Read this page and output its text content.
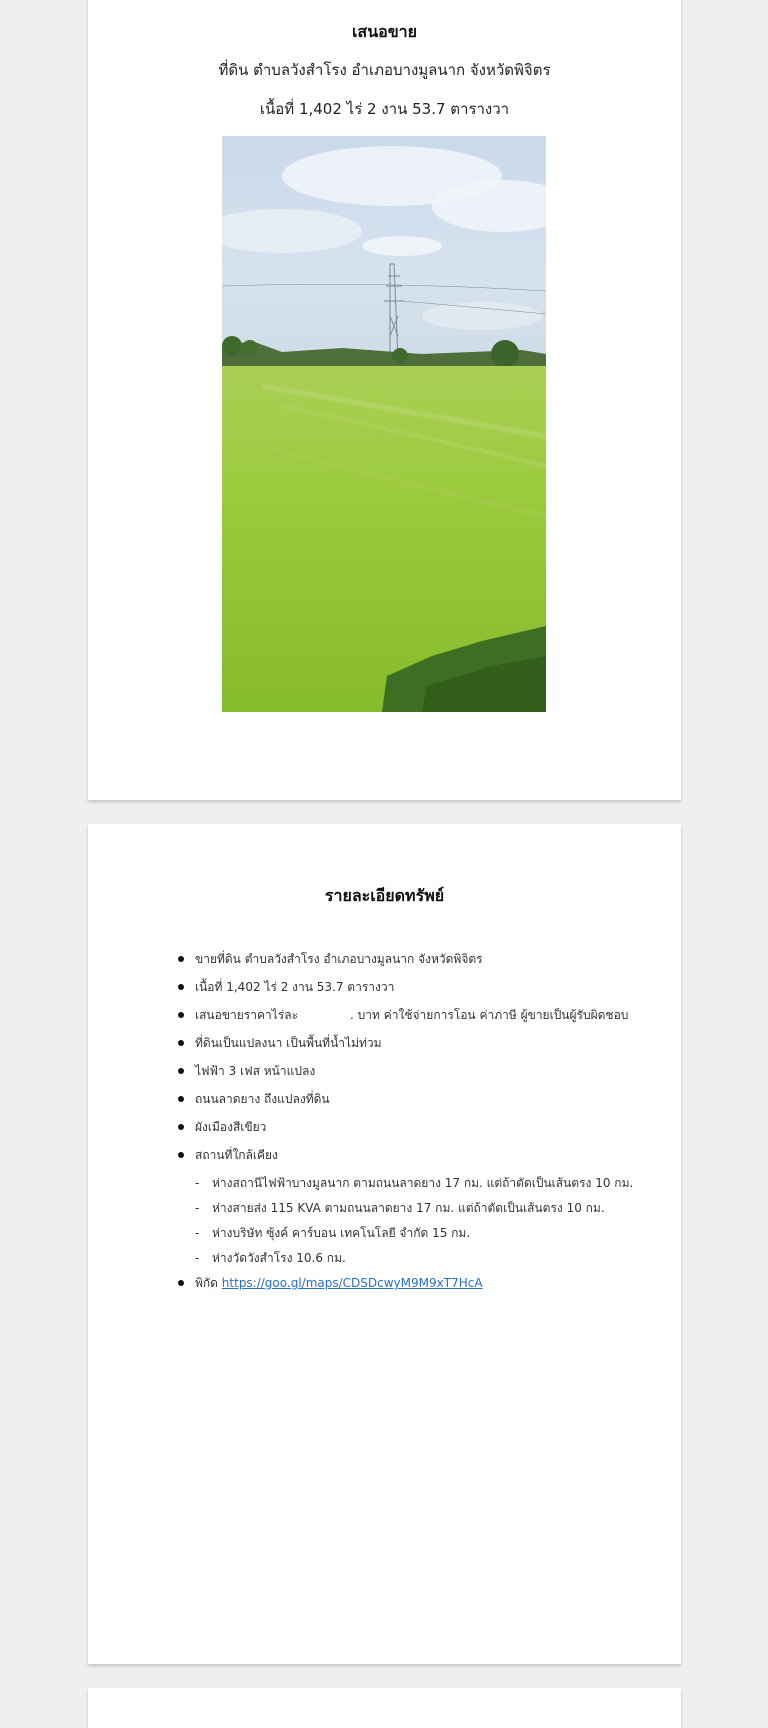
เสนอขาย
ที่ดิน ตำบลวังสำโรง อำเภอบางมูลนาก จังหวัดพิจิตร
เนื้อที่ 1,402 ไร่ 2 งาน 53.7 ตารางวา
รายละเอียดทรัพย์
ขายที่ดิน ตำบลวังสำโรง อำเภอบางมูลนาก จังหวัดพิจิตร
เนื้อที่ 1,402 ไร่ 2 งาน 53.7 ตารางวา
เสนอขายราคาไร่ละ	. บาท ค่าใช้จ่ายการโอน ค่าภาษี ผู้ขายเป็นผู้รับผิดชอบ
ที่ดินเป็นแปลงนา เป็นพื้นที่น้ำไม่ท่วม
ไฟฟ้า 3 เฟส หน้าแปลง
ถนนลาดยาง ถึงแปลงที่ดิน
ผังเมืองสีเขียว
สถานที่ใกล้เคียง
- ห่างสถานีไฟฟ้าบางมูลนาก ตามถนนลาดยาง 17 กม. แต่ถ้าตัดเป็นเส้นตรง 10 กม.
- ห่างสายส่ง 115 KVA ตามถนนลาดยาง 17 กม. แต่ถ้าตัดเป็นเส้นตรง 10 กม.
- ห่างบริษัท ซุ้งค์ คาร์บอน เทคโนโลยี จำกัด 15 กม.
- ห่างวัดวังสำโรง 10.6 กม.
พิกัด https://goo.gl/maps/CDSDcwyM9M9xT7HcA
